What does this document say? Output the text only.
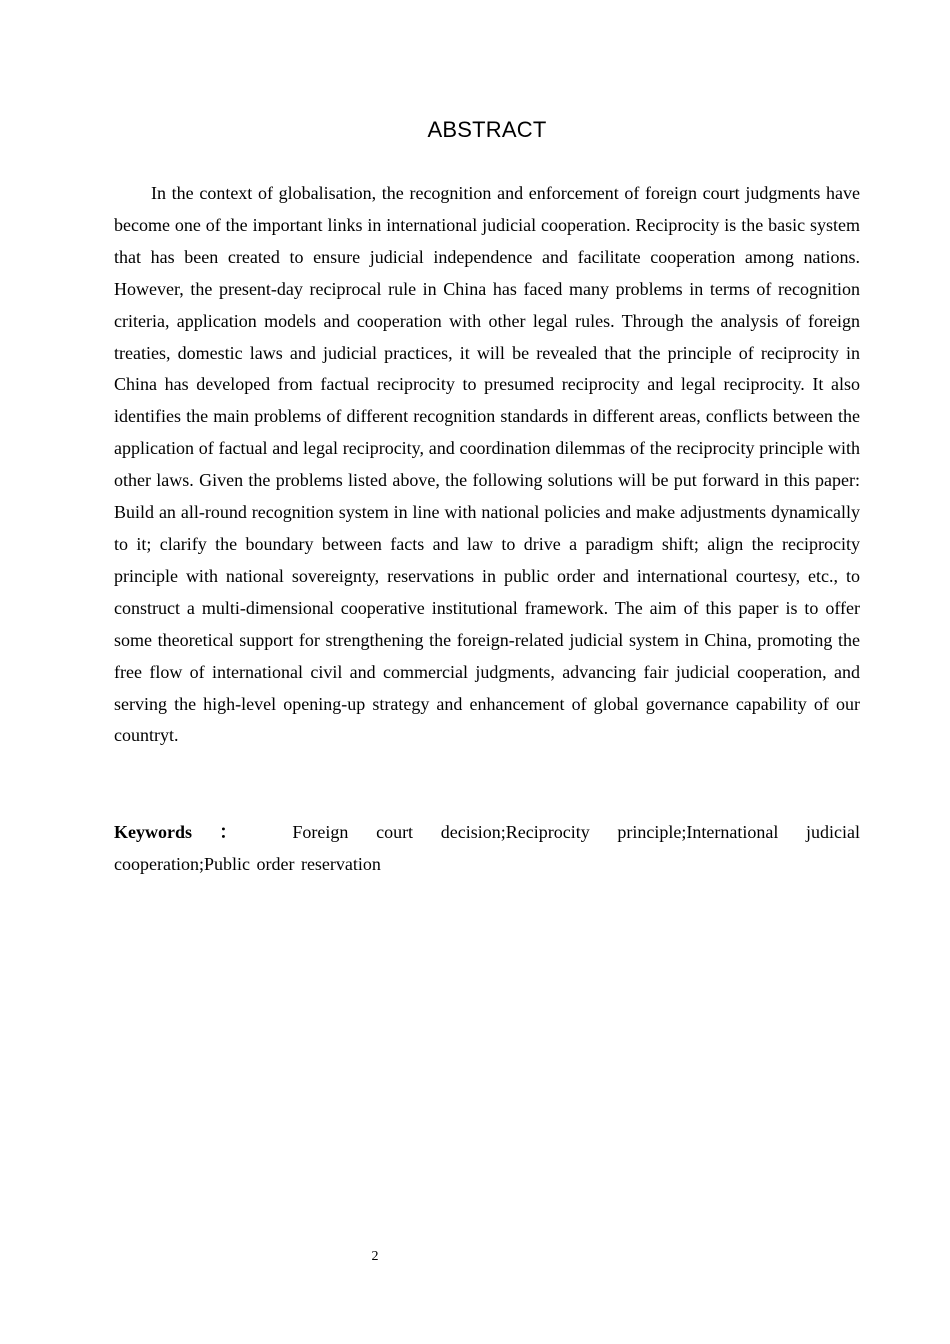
ABSTRACT

In the context of globalisation, the recognition and enforcement of foreign court judgments have become one of the important links in international judicial cooperation. Reciprocity is the basic system that has been created to ensure judicial independence and facilitate cooperation among nations. However, the present-day reciprocal rule in China has faced many problems in terms of recognition criteria, application models and cooperation with other legal rules. Through the analysis of foreign treaties, domestic laws and judicial practices, it will be revealed that the principle of reciprocity in China has developed from factual reciprocity to presumed reciprocity and legal reciprocity. It also identifies the main problems of different recognition standards in different areas, conflicts between the application of factual and legal reciprocity, and coordination dilemmas of the reciprocity principle with other laws. Given the problems listed above, the following solutions will be put forward in this paper: Build an all-round recognition system in line with national policies and make adjustments dynamically to it; clarify the boundary between facts and law to drive a paradigm shift; align the reciprocity principle with national sovereignty, reservations in public order and international courtesy, etc., to construct a multi-dimensional cooperative institutional framework. The aim of this paper is to offer some theoretical support for strengthening the foreign-related judicial system in China, promoting the free flow of international civil and commercial judgments, advancing fair judicial cooperation, and serving the high-level opening-up strategy and enhancement of global governance capability of our countryt.

Keywords ： Foreign court decision;Reciprocity principle;International judicial cooperation;Public order reservation

2
